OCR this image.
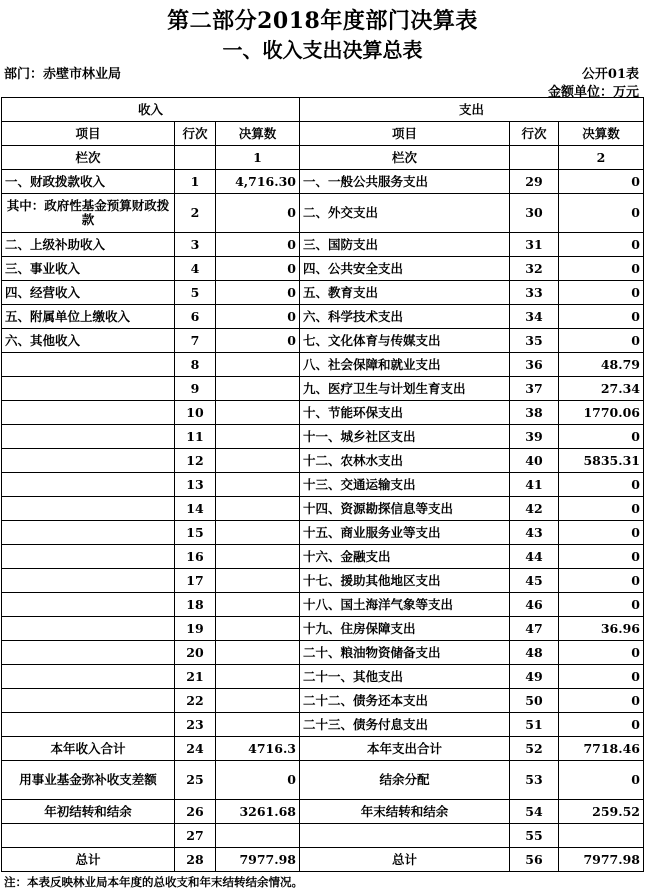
第二部分2018年度部门决算表
一、收入支出决算总表
部门：赤壁市林业局	公开01表
金额单位：万元
收入			支出		
项目	行次	决算数	项目	行次	决算数
栏次		1	栏次		2
一、财政拨款收入	1	4,716.30	一、一般公共服务支出	29	0
其中：政府性基金预算财政拨款	2	0	二、外交支出	30	0
二、上级补助收入	3	0	三、国防支出	31	0
三、事业收入	4	0	四、公共安全支出	32	0
四、经营收入	5	0	五、教育支出	33	0
五、附属单位上缴收入	6	0	六、科学技术支出	34	0
六、其他收入	7	0	七、文化体育与传媒支出	35	0
	8		八、社会保障和就业支出	36	48.79
	9		九、医疗卫生与计划生育支出	37	27.34
	10		十、节能环保支出	38	1770.06
	11		十一、城乡社区支出	39	0
	12		十二、农林水支出	40	5835.31
	13		十三、交通运输支出	41	0
	14		十四、资源勘探信息等支出	42	0
	15		十五、商业服务业等支出	43	0
	16		十六、金融支出	44	0
	17		十七、援助其他地区支出	45	0
	18		十八、国土海洋气象等支出	46	0
	19		十九、住房保障支出	47	36.96
	20		二十、粮油物资储备支出	48	0
	21		二十一、其他支出	49	0
	22		二十二、债务还本支出	50	0
	23		二十三、债务付息支出	51	0
本年收入合计	24	4716.3	本年支出合计	52	7718.46
用事业基金弥补收支差额	25	0	结余分配	53	0
年初结转和结余	26	3261.68	年末结转和结余	54	259.52
	27			55	
总计	28	7977.98	总计	56	7977.98
注：本表反映林业局本年度的总收支和年末结转结余情况。
